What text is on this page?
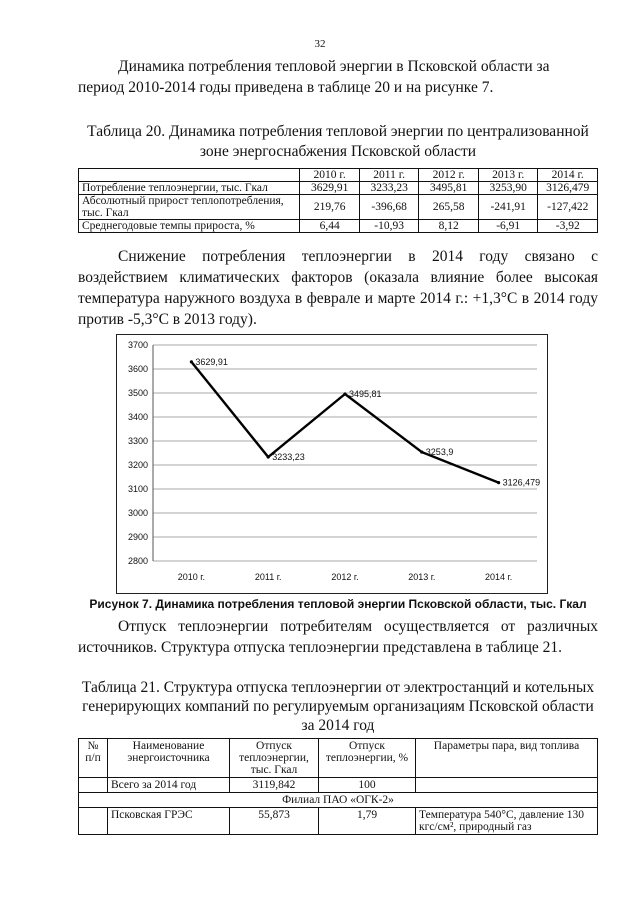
32

Динамика потребления тепловой энергии в Псковской области за период 2010-2014 годы приведена в таблице 20 и на рисунке 7.

Таблица 20. Динамика потребления тепловой энергии по централизованной зоне энергоснабжения Псковской области
	2010 г.	2011 г.	2012 г.	2013 г.	2014 г.
Потребление теплоэнергии, тыс. Гкал	3629,91	3233,23	3495,81	3253,90	3126,479
Абсолютный прирост теплопотребления, тыс. Гкал	219,76	-396,68	265,58	-241,91	-127,422
Среднегодовые темпы прироста, %	6,44	-10,93	8,12	-6,91	-3,92

Снижение потребления теплоэнергии в 2014 году связано с воздействием климатических факторов (оказала влияние более высокая температура наружного воздуха в феврале и марте 2014 г.: +1,3°С в 2014 году против -5,3°С в 2013 году).

2800
2900
3000
3100
3200
3300
3400
3500
3600
3700
2010 г.	2011 г.	2012 г.	2013 г.	2014 г.
3629,91
3233,23
3495,81
3253,9
3126,479
Рисунок 7. Динамика потребления тепловой энергии Псковской области, тыс. Гкал

Отпуск теплоэнергии потребителям осуществляется от различных источников. Структура отпуска теплоэнергии представлена в таблице 21.

Таблица 21. Структура отпуска теплоэнергии от электростанций и котельных генерирующих компаний по регулируемым организациям Псковской области за 2014 год
№ п/п	Наименование энергоисточника	Отпуск теплоэнергии, тыс. Гкал	Отпуск теплоэнергии, %	Параметры пара, вид топлива
	Всего за 2014 год	3119,842	100	
Филиал ПАО «ОГК-2»				
	Псковская ГРЭС	55,873	1,79	Температура 540°С, давление 130 кгс/см², природный газ
